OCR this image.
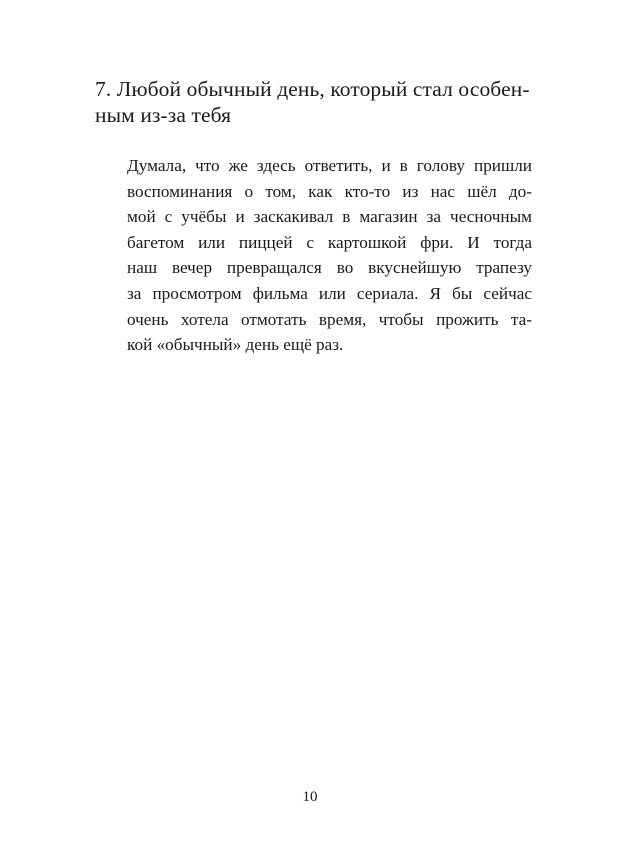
7. Любой обычный день, который стал особен-
ным из-за тебя
Думала, что же здесь ответить, и в голову пришли
воспоминания о том, как кто-то из нас шёл до-
мой с учёбы и заскакивал в магазин за чесночным
багетом или пиццей с картошкой фри. И тогда
наш вечер превращался во вкуснейшую трапезу
за просмотром фильма или сериала. Я бы сейчас
очень хотела отмотать время, чтобы прожить та-
кой «обычный» день ещё раз.
10
